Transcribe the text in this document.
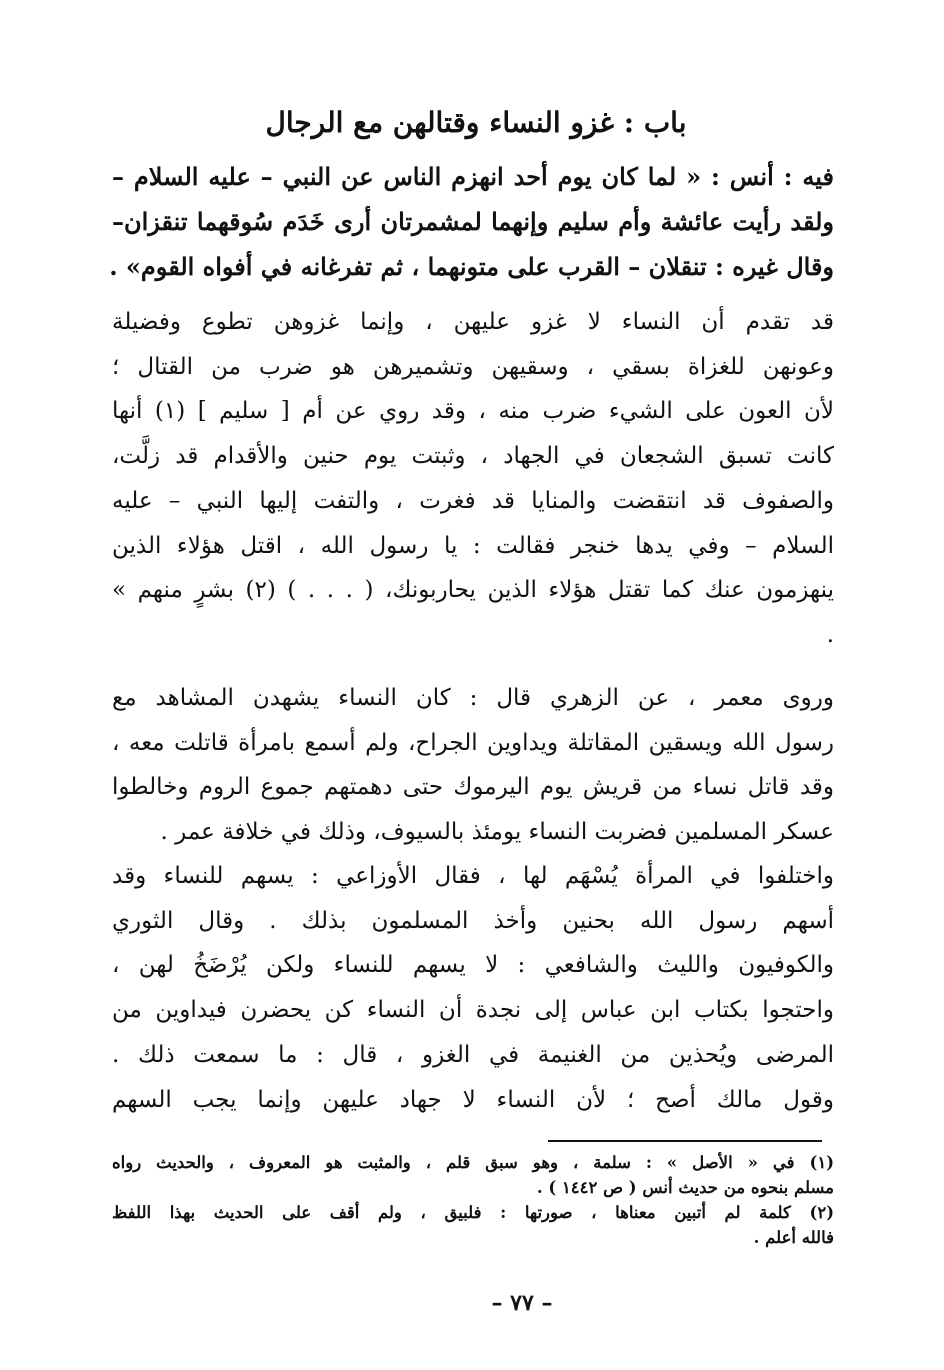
باب : غزو النساء وقتالهن مع الرجال
فيه : أنس : « لما كان يوم أحد انهزم الناس عن النبي – عليه السلام –
ولقد رأيت عائشة وأم سليم وإنهما لمشمرتان أرى خَدَم سُوقهما تنقزان–
وقال غيره : تنقلان – القرب على متونهما ، ثم تفرغانه في أفواه القوم» .
قد تقدم أن النساء لا غزو عليهن ، وإنما غزوهن تطوع وفضيلة
وعونهن للغزاة بسقي ، وسقيهن وتشميرهن هو ضرب من القتال ؛
لأن العون على الشيء ضرب منه ، وقد روي عن أم [ سليم ] (١) أنها
كانت تسبق الشجعان في الجهاد ، وثبتت يوم حنين والأقدام قد زلَّت،
والصفوف قد انتقضت والمنايا قد فغرت ، والتفت إليها النبي – عليه
السلام – وفي يدها خنجر فقالت : يا رسول الله ، اقتل هؤلاء الذين
ينهزمون عنك كما تقتل هؤلاء الذين يحاربونك، ( . . . ) (٢) بشرٍ منهم »
.
وروى معمر ، عن الزهري قال : كان النساء يشهدن المشاهد مع
رسول الله ويسقين المقاتلة ويداوين الجراح، ولم أسمع بامرأة قاتلت معه ،
وقد قاتل نساء من قريش يوم اليرموك حتى دهمتهم جموع الروم وخالطوا
عسكر المسلمين فضربت النساء يومئذ بالسيوف، وذلك في خلافة عمر .
واختلفوا في المرأة يُسْهَم لها ، فقال الأوزاعي : يسهم للنساء وقد
أسهم رسول الله بحنين وأخذ المسلمون بذلك . وقال الثوري
والكوفيون والليث والشافعي : لا يسهم للنساء ولكن يُرْضَخُ لهن ،
واحتجوا بكتاب ابن عباس إلى نجدة أن النساء كن يحضرن فيداوين من
المرضى ويُحذين من الغنيمة في الغزو ، قال : ما سمعت ذلك .
وقول مالك أصح ؛ لأن النساء لا جهاد عليهن وإنما يجب السهم
(١) في « الأصل » : سلمة ، وهو سبق قلم ، والمثبت هو المعروف ، والحديث رواه
مسلم بنحوه من حديث أنس ( ص ١٤٤٢ ) .
(٢) كلمة لم أتبين معناها ، صورتها : فلبيق ، ولم أقف على الحديث بهذا اللفظ
فالله أعلم .
– ٧٧ –
